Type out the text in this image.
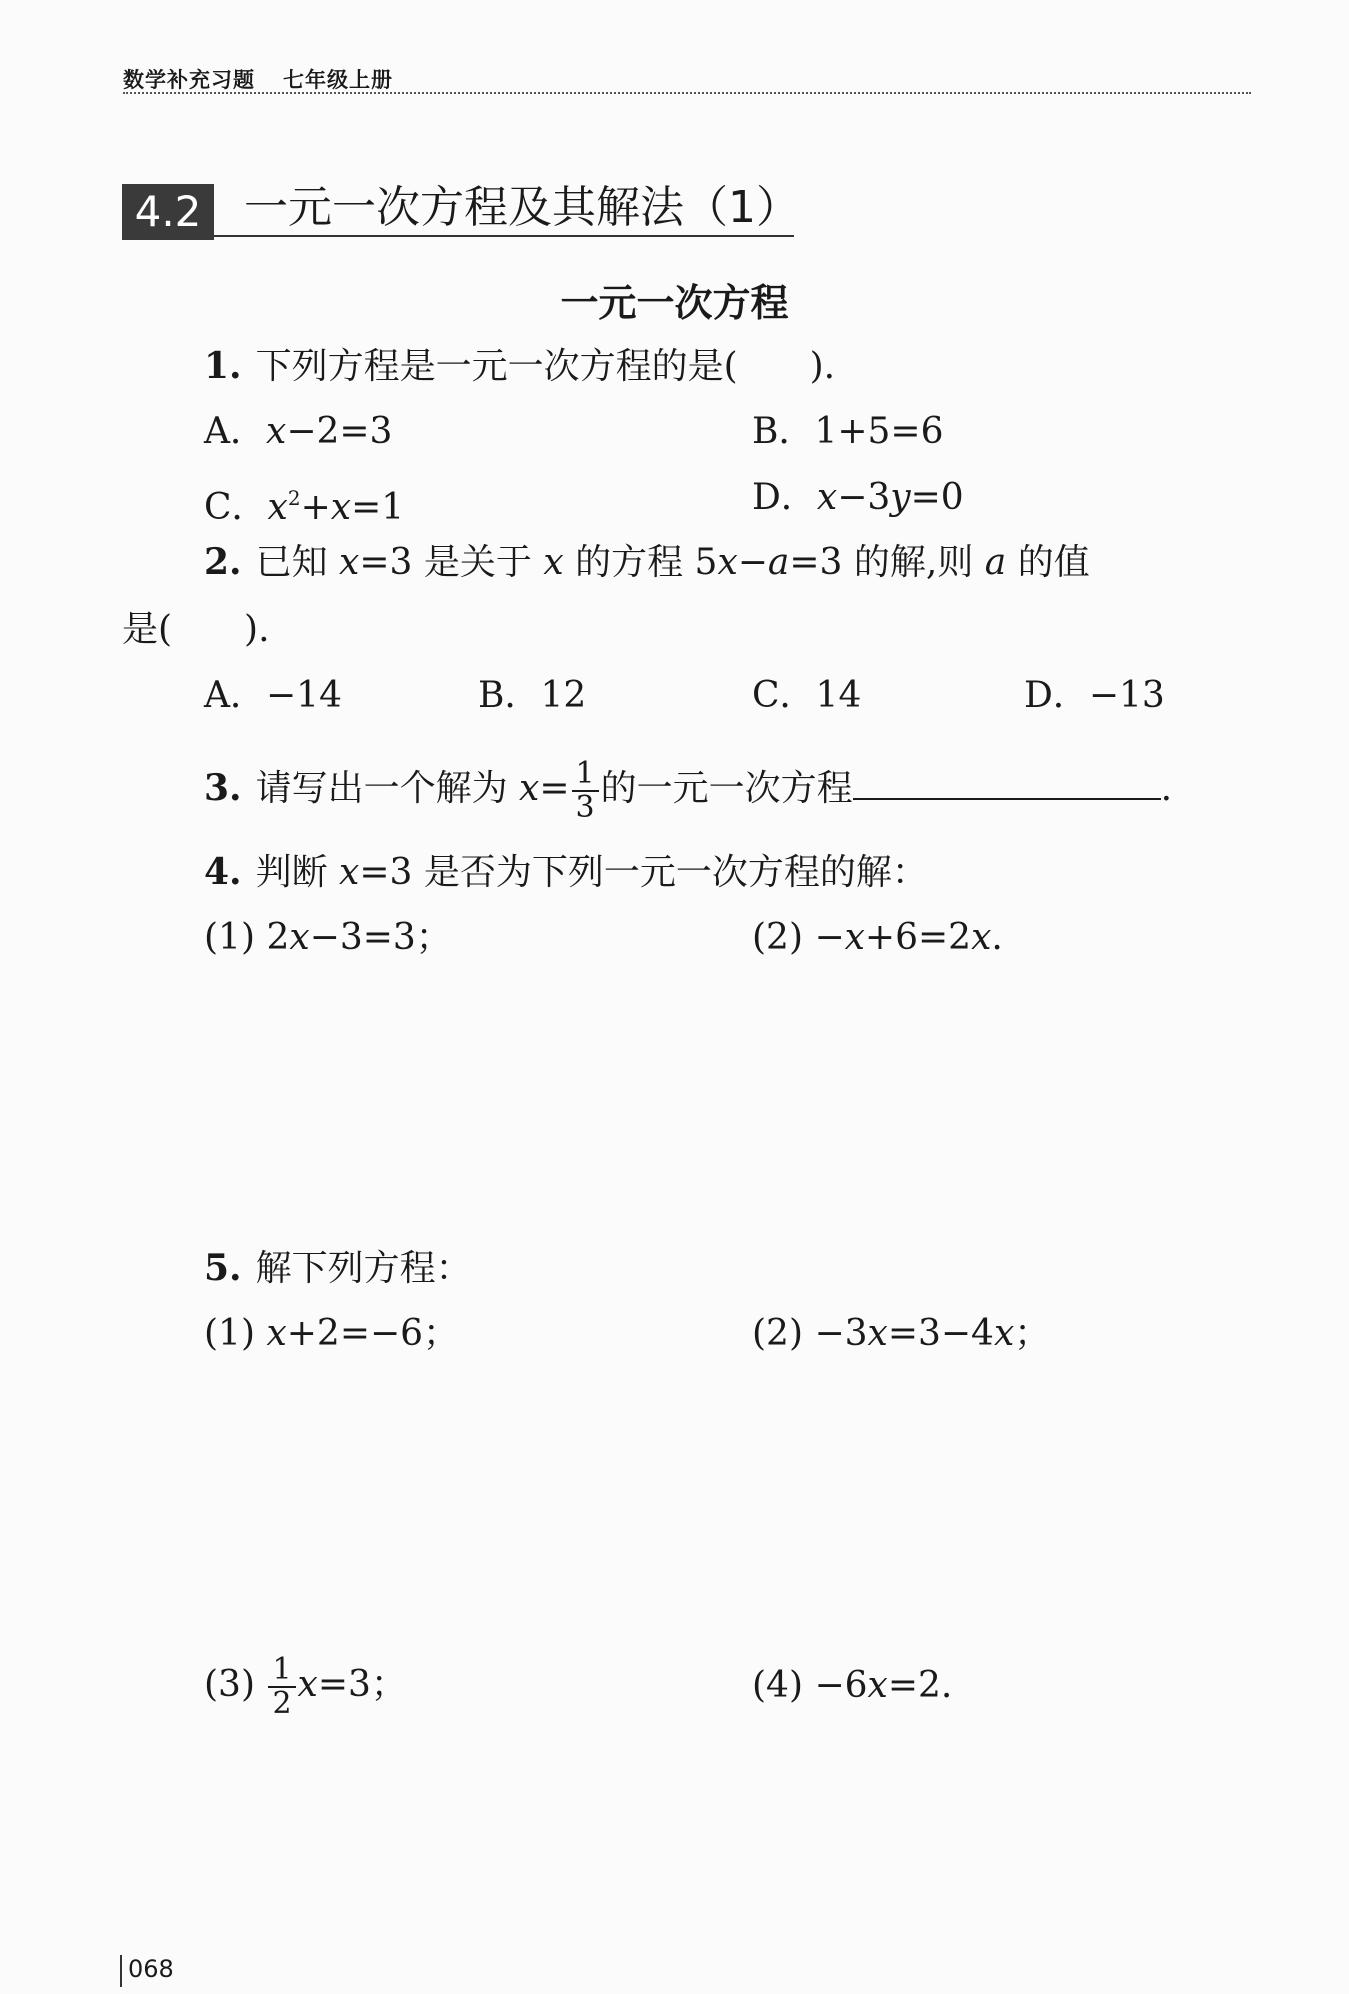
数学补充习题 七年级上册
4.2 一元一次方程及其解法（1）
一元一次方程
1. 下列方程是一元一次方程的是(　　).
A．x−2=3	B．1+5=6
C．$x^2+x=1$	D．x−3y=0
2. 已知 x=3 是关于 x 的方程 5x−a=3 的解,则 a 的值
是(　　).
A．−14	B．12	C．14	D．−13
3. 请写出一个解为 $x= \frac{1}{3}$ 的一元一次方程	.
4. 判断 x=3 是否为下列一元一次方程的解：
(1) 2x−3=3；	(2) −x+6=2x.
5. 解下列方程：
(1) x+2=−6；	(2) −3x=3−4x；
$(3) \frac{1}{2} x=3$；	(4) −6x=2.
068
